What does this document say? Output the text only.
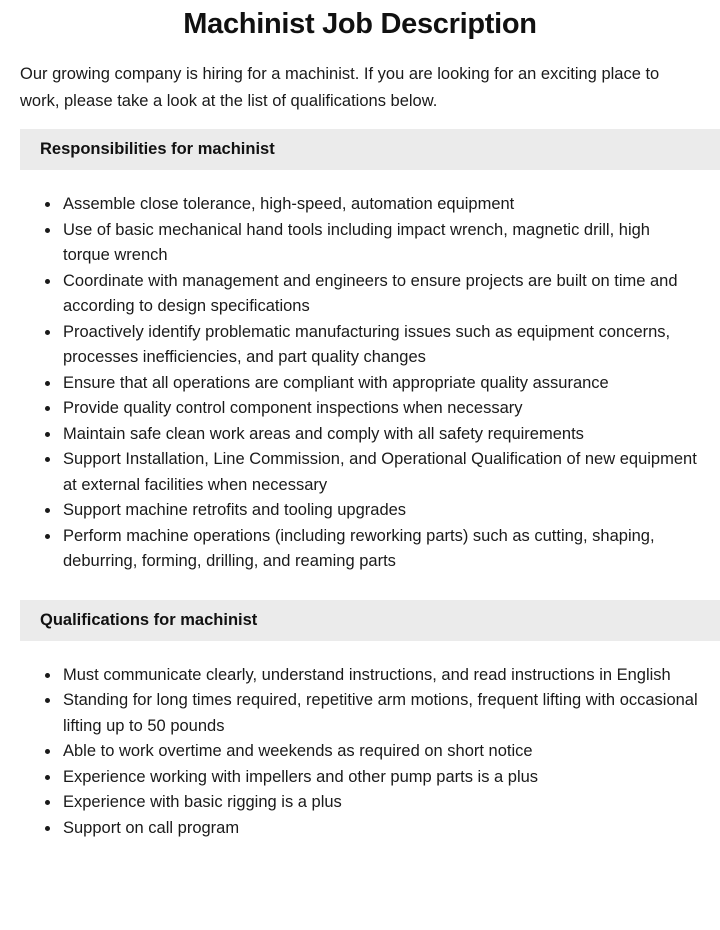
Machinist Job Description

Our growing company is hiring for a machinist. If you are looking for an exciting place to work, please take a look at the list of qualifications below.

Responsibilities for machinist
• Assemble close tolerance, high-speed, automation equipment
• Use of basic mechanical hand tools including impact wrench, magnetic drill, high torque wrench
• Coordinate with management and engineers to ensure projects are built on time and according to design specifications
• Proactively identify problematic manufacturing issues such as equipment concerns, processes inefficiencies, and part quality changes
• Ensure that all operations are compliant with appropriate quality assurance
• Provide quality control component inspections when necessary
• Maintain safe clean work areas and comply with all safety requirements
• Support Installation, Line Commission, and Operational Qualification of new equipment at external facilities when necessary
• Support machine retrofits and tooling upgrades
• Perform machine operations (including reworking parts) such as cutting, shaping, deburring, forming, drilling, and reaming parts
Qualifications for machinist
• Must communicate clearly, understand instructions, and read instructions in English
• Standing for long times required, repetitive arm motions, frequent lifting with occasional lifting up to 50 pounds
• Able to work overtime and weekends as required on short notice
• Experience working with impellers and other pump parts is a plus
• Experience with basic rigging is a plus
• Support on call program
